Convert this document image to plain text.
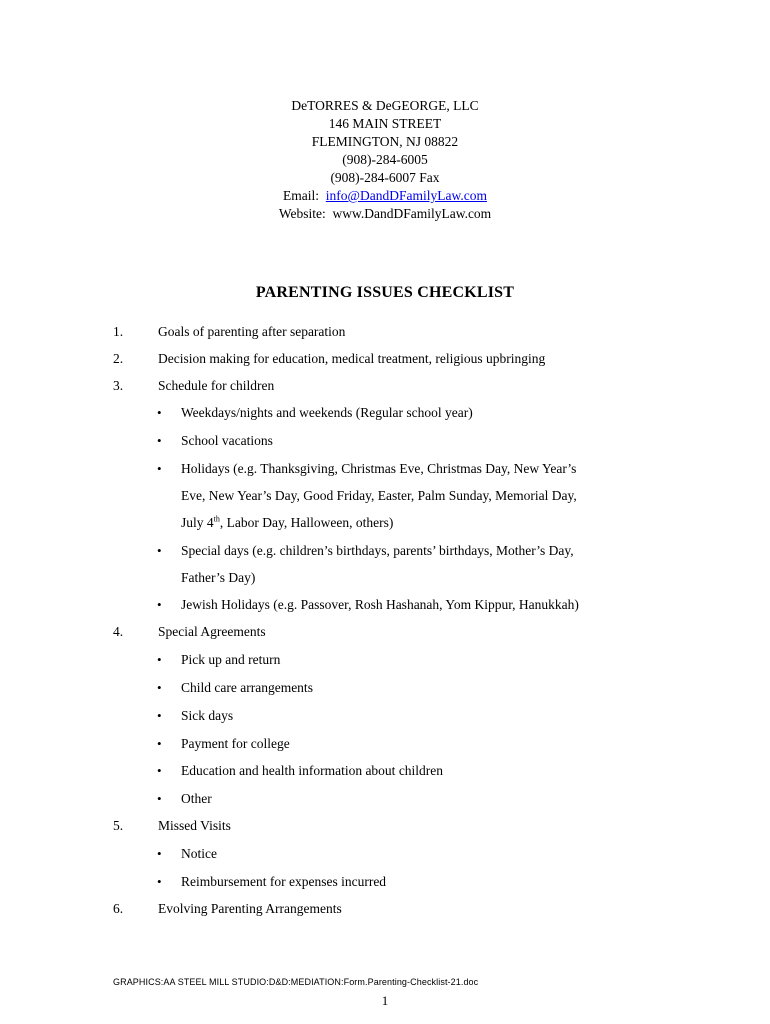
DeTORRES & DeGEORGE, LLC
146 MAIN STREET
FLEMINGTON, NJ 08822
(908)-284-6005
(908)-284-6007 Fax
Email: info@DandDFamilyLaw.com
Website: www.DandDFamilyLaw.com
PARENTING ISSUES CHECKLIST
1.	Goals of parenting after separation
2.	Decision making for education, medical treatment, religious upbringing
3.	Schedule for children
• Weekdays/nights and weekends (Regular school year)
• School vacations
• Holidays (e.g. Thanksgiving, Christmas Eve, Christmas Day, New Year’s
Eve, New Year’s Day, Good Friday, Easter, Palm Sunday, Memorial Day,
July 4th, Labor Day, Halloween, others)
• Special days (e.g. children’s birthdays, parents’ birthdays, Mother’s Day,
Father’s Day)
• Jewish Holidays (e.g. Passover, Rosh Hashanah, Yom Kippur, Hanukkah)
4.	Special Agreements
• Pick up and return
• Child care arrangements
• Sick days
• Payment for college
• Education and health information about children
• Other
5.	Missed Visits
• Notice
• Reimbursement for expenses incurred
6.	Evolving Parenting Arrangements
GRAPHICS:AA STEEL MILL STUDIO:D&D:MEDIATION:Form.Parenting-Checklist-21.doc
1
